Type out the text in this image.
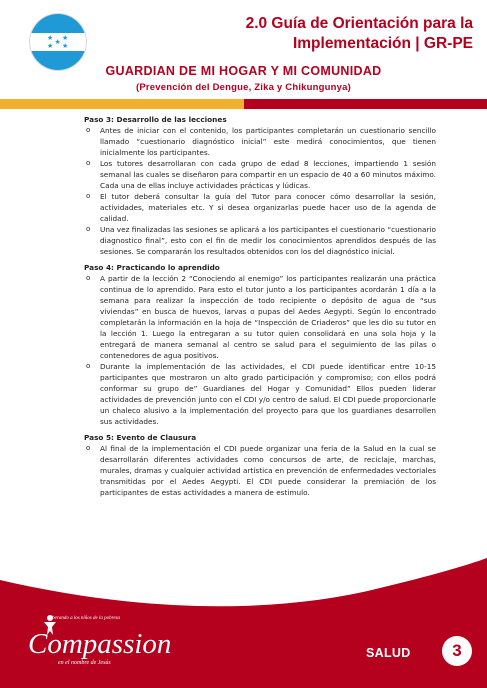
★ ★
★
★ ★
2.0 Guía de Orientación para la
Implementación | GR-PE
GUARDIAN DE MI HOGAR Y MI COMUNIDAD
(Prevención del Dengue, Zika y Chikungunya)

Paso 3: Desarrollo de las lecciones

o Antes de iniciar con el contenido, los participantes completarán un cuestionario sencillo llamado “cuestionario diagnóstico inicial” este medirá conocimientos, que tienen inicialmente los participantes.
o Los tutores desarrollaran con cada grupo de edad 8 lecciones, impartiendo 1 sesión semanal las cuales se diseñaron para compartir en un espacio de 40 a 60 minutos máximo. Cada una de ellas incluye actividades prácticas y lúdicas.
o El tutor deberá consultar la guía del Tutor para conocer cómo desarrollar la sesión, actividades, materiales etc. Y si desea organizarlas puede hacer uso de la agenda de calidad.
o Una vez finalizadas las sesiones se aplicará a los participantes el cuestionario “cuestionario diagnostico final”, esto con el fin de medir los conocimientos aprendidos después de las sesiones. Se compararán los resultados obtenidos con los del diagnóstico inicial.

Paso 4: Practicando lo aprendido

o A partir de la lección 2 “Conociendo al enemigo” los participantes realizarán una práctica continua de lo aprendido. Para esto el tutor junto a los participantes acordarán 1 día a la semana para realizar la inspección de todo recipiente o depósito de agua de “sus viviendas” en busca de huevos, larvas o pupas del Aedes Aegypti. Según lo encontrado completarán la información en la hoja de “Inspección de Criaderos” que les dio su tutor en la lección 1. Luego la entregaran a su tutor quien consolidará en una sola hoja y la entregará de manera semanal al centro se salud para el seguimiento de las pilas o contenedores de agua positivos.
o Durante la implementación de las actividades, el CDI puede identificar entre 10-15 participantes que mostraron un alto grado participación y compromiso; con ellos podrá conformar su grupo de” Guardianes del Hogar y Comunidad” Ellos pueden liderar actividades de prevención junto con el CDI y/o centro de salud. El CDI puede proporcionarle un chaleco alusivo a la implementación del proyecto para que los guardianes desarrollen sus actividades.

Paso 5: Evento de Clausura

o Al final de la implementación el CDI puede organizar una feria de la Salud en la cual se desarrollarán diferentes actividades como concursos de arte, de reciclaje, marchas, murales, dramas y cualquier actividad artística en prevención de enfermedades vectoriales transmitidas por el Aedes Aegypti. El CDI puede considerar la premiación de los participantes de estas actividades a manera de estimulo.
Liberando a los niños de la pobreza
Compassion
en el nombre de Jesús
SALUD	3
